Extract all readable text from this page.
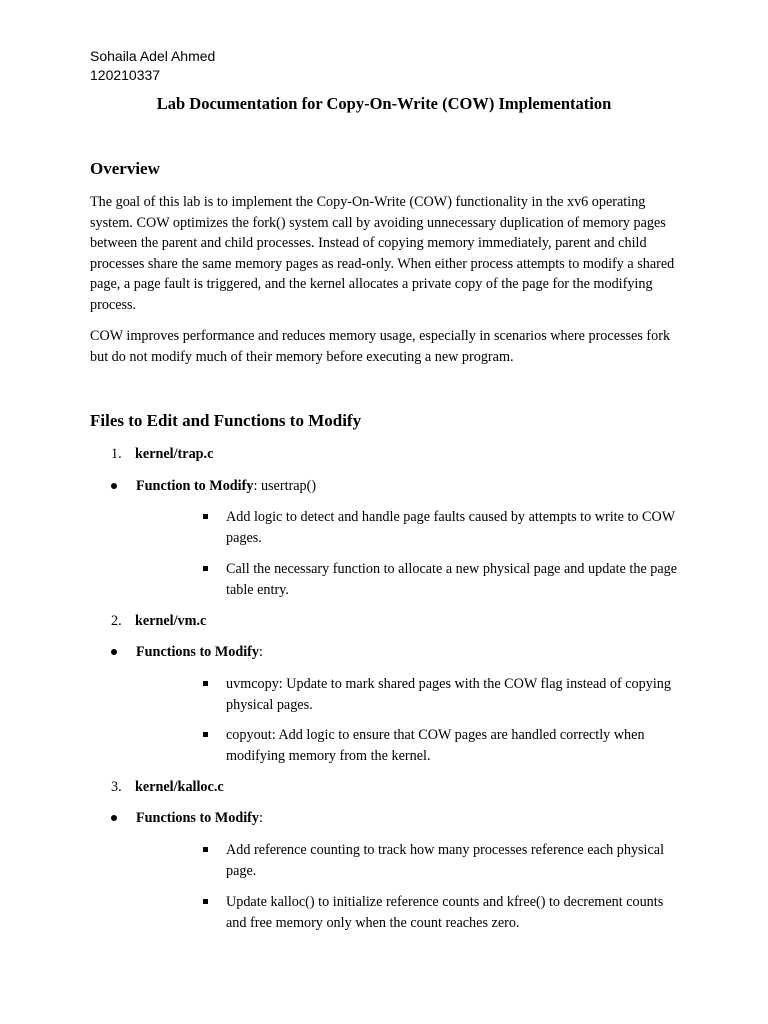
Sohaila Adel Ahmed
120210337
Lab Documentation for Copy-On-Write (COW) Implementation
Overview

The goal of this lab is to implement the Copy-On-Write (COW) functionality in the xv6 operating system. COW optimizes the fork() system call by avoiding unnecessary duplication of memory pages between the parent and child processes. Instead of copying memory immediately, parent and child processes share the same memory pages as read-only. When either process attempts to modify a shared page, a page fault is triggered, and the kernel allocates a private copy of the page for the modifying process.

COW improves performance and reduces memory usage, especially in scenarios where processes fork but do not modify much of their memory before executing a new program.

Files to Edit and Functions to Modify
1. kernel/trap.c
Function to Modify: usertrap()
Add logic to detect and handle page faults caused by attempts to write to COW pages.
Call the necessary function to allocate a new physical page and update the page table entry.
2. kernel/vm.c
Functions to Modify:
uvmcopy: Update to mark shared pages with the COW flag instead of copying physical pages.
copyout: Add logic to ensure that COW pages are handled correctly when modifying memory from the kernel.
3. kernel/kalloc.c
Functions to Modify:
Add reference counting to track how many processes reference each physical page.
Update kalloc() to initialize reference counts and kfree() to decrement counts and free memory only when the count reaches zero.
